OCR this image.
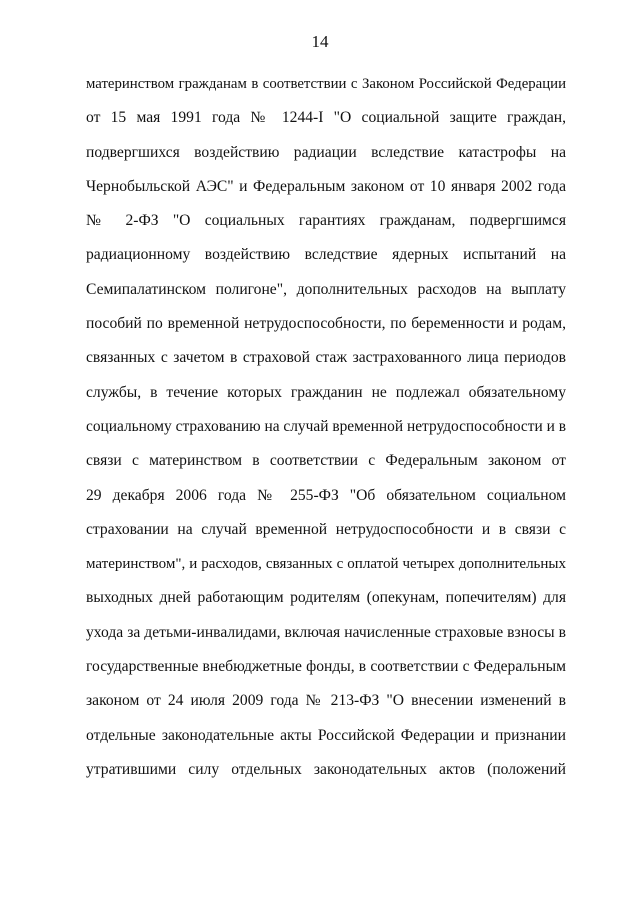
14
материнством гражданам в соответствии с Законом Российской Федерации
от 15 мая 1991 года № 1244-I "О социальной защите граждан,
подвергшихся воздействию радиации вследствие катастрофы на
Чернобыльской АЭС" и Федеральным законом от 10 января 2002 года
№ 2-ФЗ "О социальных гарантиях гражданам, подвергшимся
радиационному воздействию вследствие ядерных испытаний на
Семипалатинском полигоне", дополнительных расходов на выплату
пособий по временной нетрудоспособности, по беременности и родам,
связанных с зачетом в страховой стаж застрахованного лица периодов
службы, в течение которых гражданин не подлежал обязательному
социальному страхованию на случай временной нетрудоспособности и в
связи с материнством в соответствии с Федеральным законом от
29 декабря 2006 года № 255-ФЗ "Об обязательном социальном
страховании на случай временной нетрудоспособности и в связи с
материнством", и расходов, связанных с оплатой четырех дополнительных
выходных дней работающим родителям (опекунам, попечителям) для
ухода за детьми-инвалидами, включая начисленные страховые взносы в
государственные внебюджетные фонды, в соответствии с Федеральным
законом от 24 июля 2009 года № 213-ФЗ "О внесении изменений в
отдельные законодательные акты Российской Федерации и признании
утратившими силу отдельных законодательных актов (положений
